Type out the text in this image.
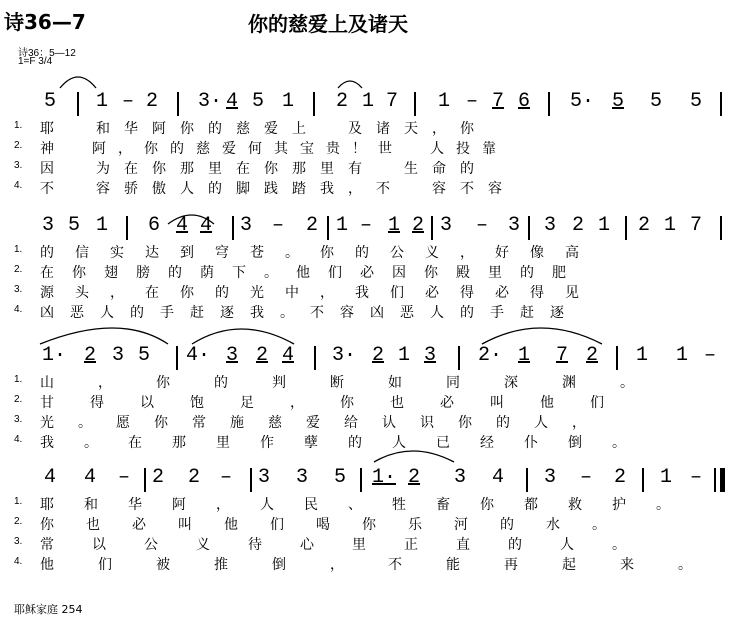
诗36—7	你的慈爱上及诸天
诗36：5—12
1=F 3/4
5 1 – 2 3· 4 5 1 2 1 7 1 – 7 6 5· 5 5 5
1. 耶　和华阿你的慈爱上　及诸天，你
2. 神　阿，你的慈爱何其宝贵！世　人投靠
3. 因　为在你那里在你那里有　生命的
4. 不　容骄傲人的脚践踏我，不　容不容
3 5 1 6 4 4 3 – 2 1 – 1 2 3 – 3 3 2 1 2 1 7
1. 的信实达到穹苍。你的公义，好像高
2. 在你翅膀的荫下。他们必因你殿里的肥
3. 源头，在你的光中，我们必得必得见
4. 凶恶人的手赶逐我。不容凶恶人的手赶逐
1· 2 3 5 4· 3 2 4 3· 2 1 3 2· 1 7 2 1 1 –
1. 山，你的判断如同深渊。
2. 甘得以饱足，你也必叫他们
3. 光。愿你常施慈爱给认识你的人，
4. 我。在那里作孽的人已经仆倒。
4 4 – 2 2 – 3 3 5 1· 2 3 4 3 – 2 1 –
1. 耶和华阿，人民、牲畜你都救护。
2. 你也必叫他们喝你乐河的水。
3. 常以公义待心里正直的人。
4. 他们被推倒，不能再起来。
耶稣家庭 254
